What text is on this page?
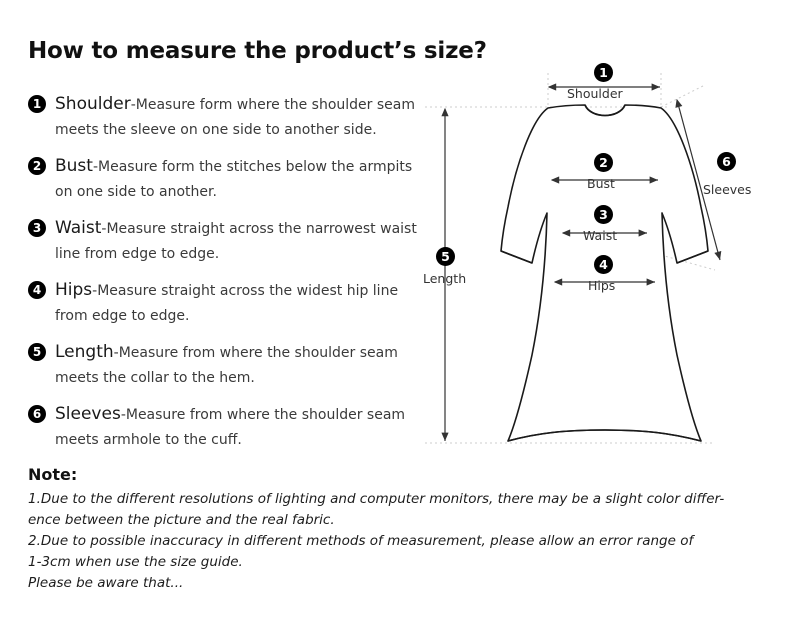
How to measure the product’s size?
1 Shoulder-Measure form where the shoulder seam meets the sleeve on one side to another side.
2 Bust-Measure form the stitches below the armpits on one side to another.
3 Waist-Measure straight across the narrowest waist line from edge to edge.
4 Hips-Measure straight across the widest hip line from edge to edge.
5 Length-Measure from where the shoulder seam meets the collar to the hem.
6 Sleeves-Measure from where the shoulder seam meets armhole to the cuff.
Note:
1.Due to the different resolutions of lighting and computer monitors, there may be a slight color differ-
ence between the picture and the real fabric.
2.Due to possible inaccuracy in different methods of measurement, please allow an error range of
1-3cm when use the size guide.
Please be aware that...
1
Shoulder
2
Bust
3
Waist
4
Hips
5
Length
6
Sleeves
